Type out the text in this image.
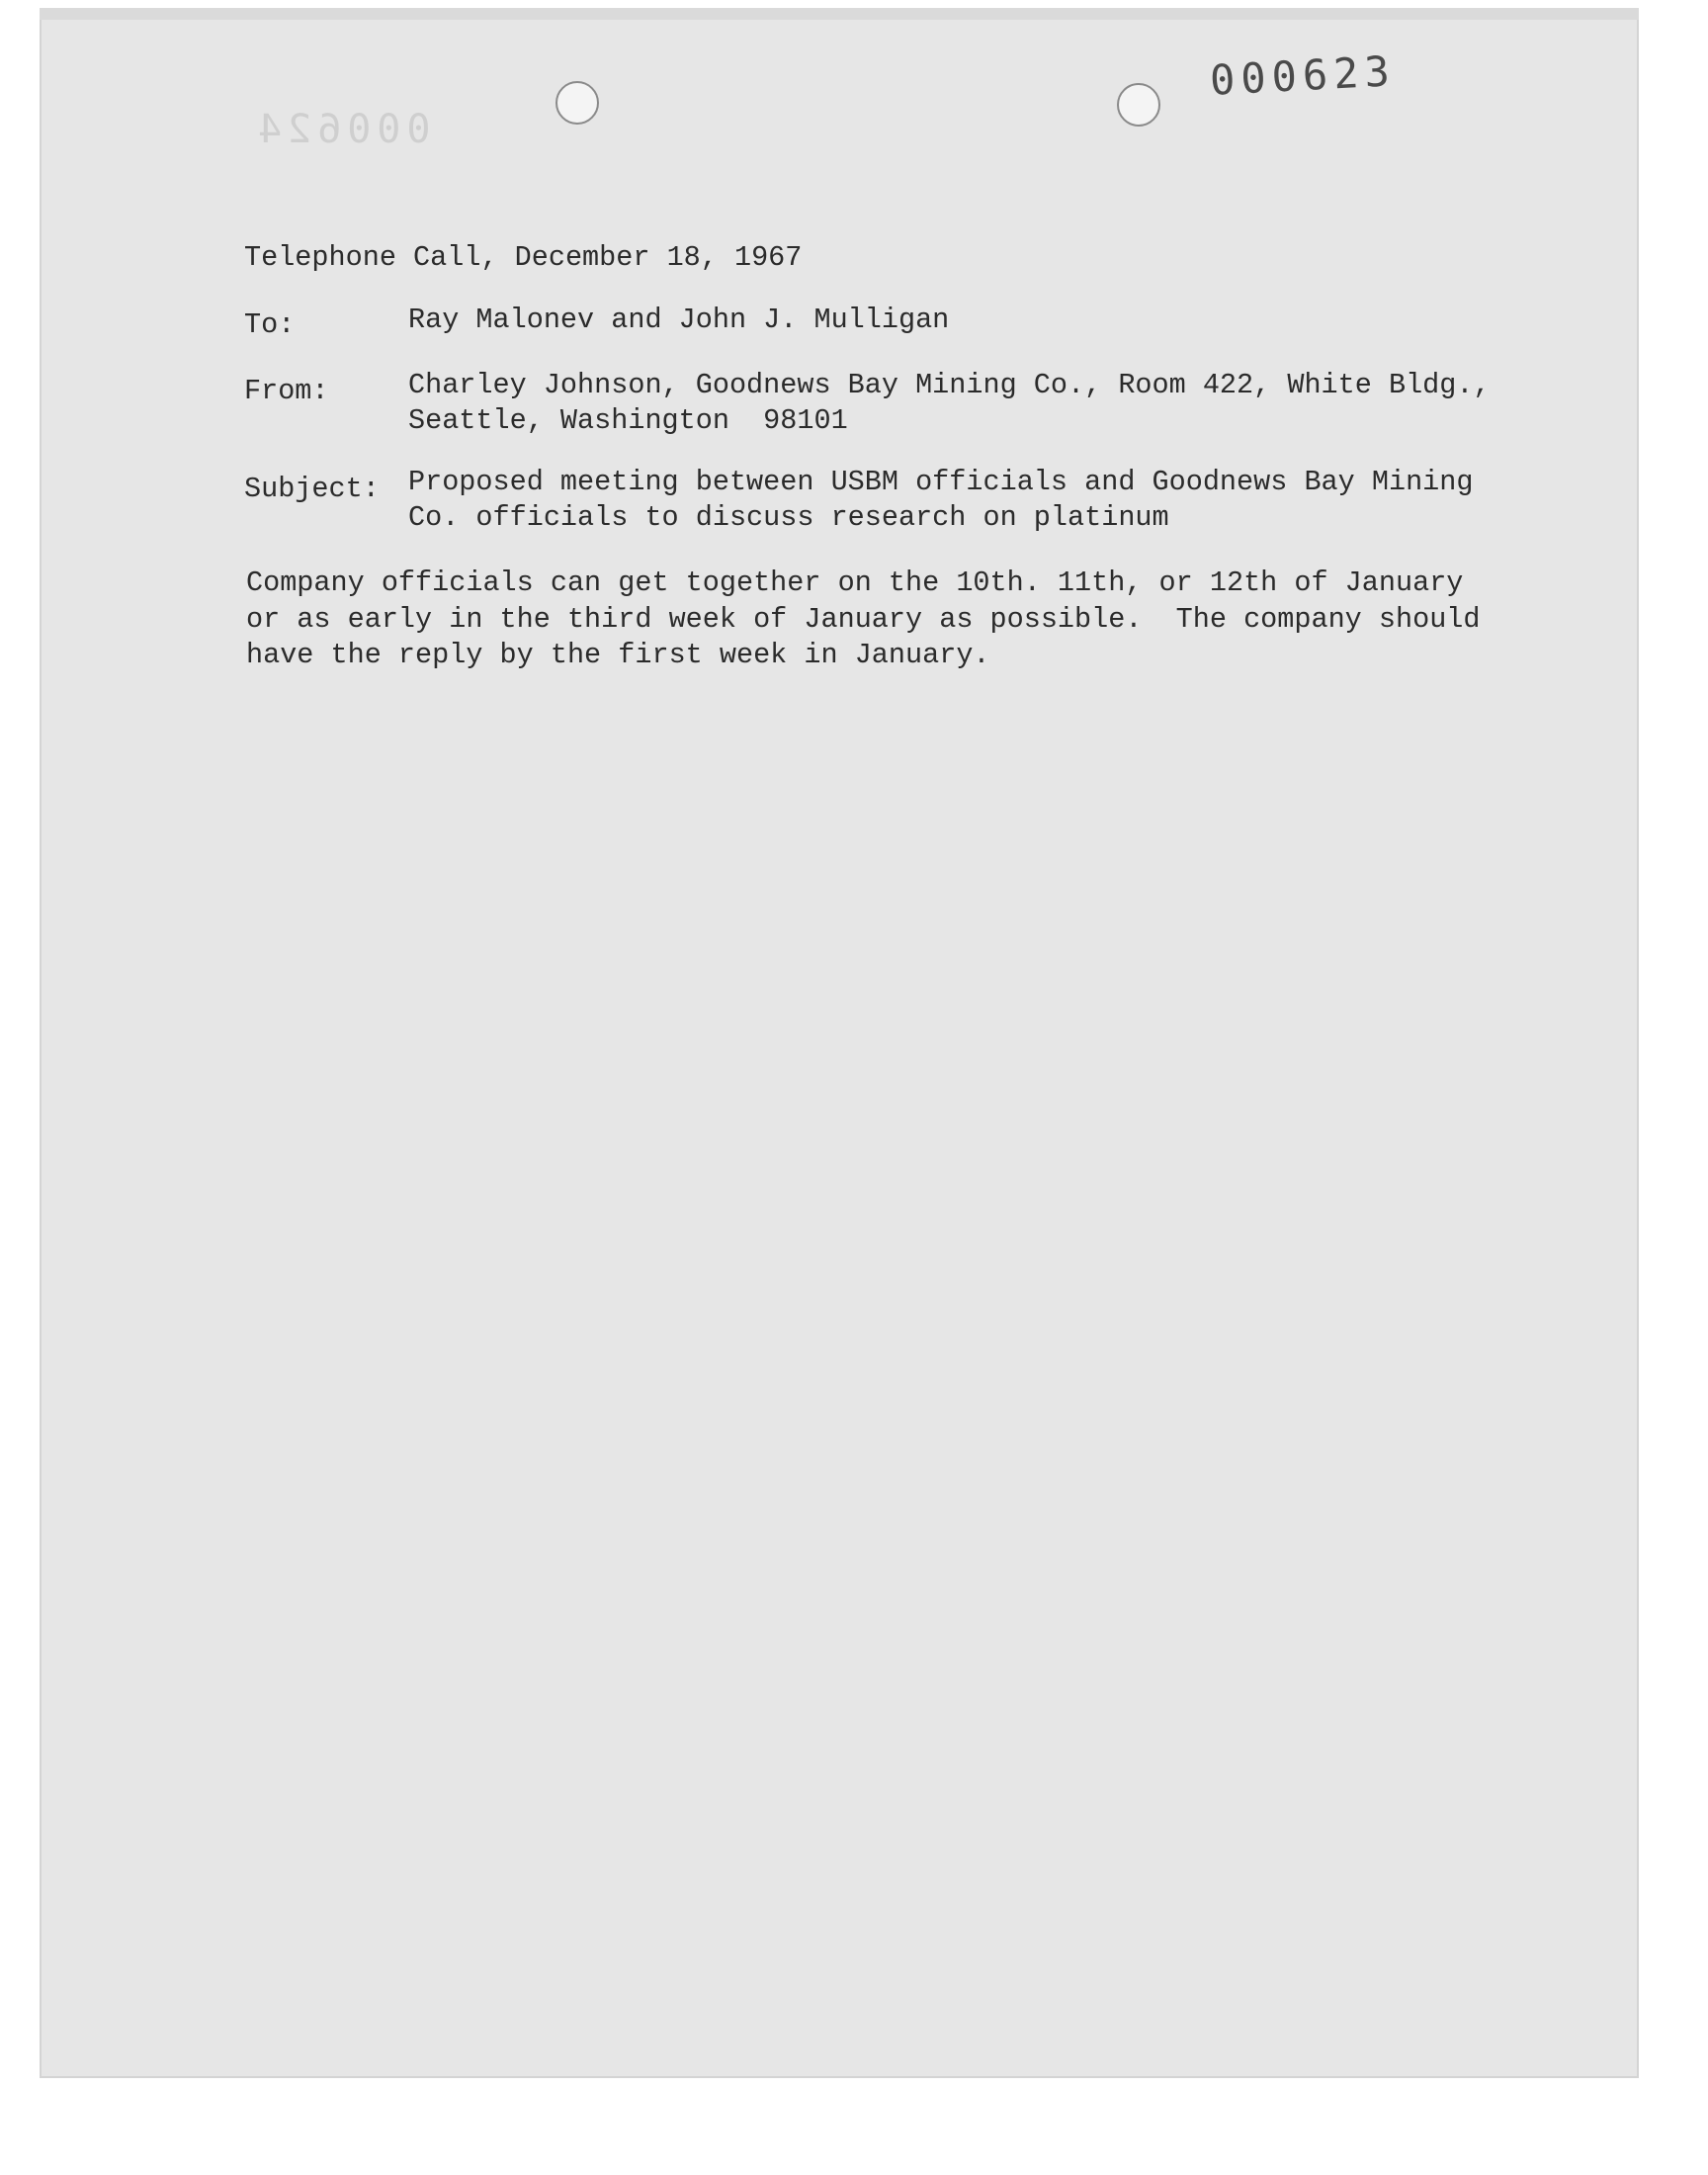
000624
000623
Telephone Call, December 18, 1967
To:	Ray Malonev and John J. Mulligan
From:	Charley Johnson, Goodnews Bay Mining Co., Room 422, White Bldg.,
Seattle, Washington  98101
Subject: Proposed meeting between USBM officials and Goodnews Bay Mining
Co. officials to discuss research on platinum
Company officials can get together on the 10th. 11th, or 12th of January
or as early in the third week of January as possible.  The company should
have the reply by the first week in January.
